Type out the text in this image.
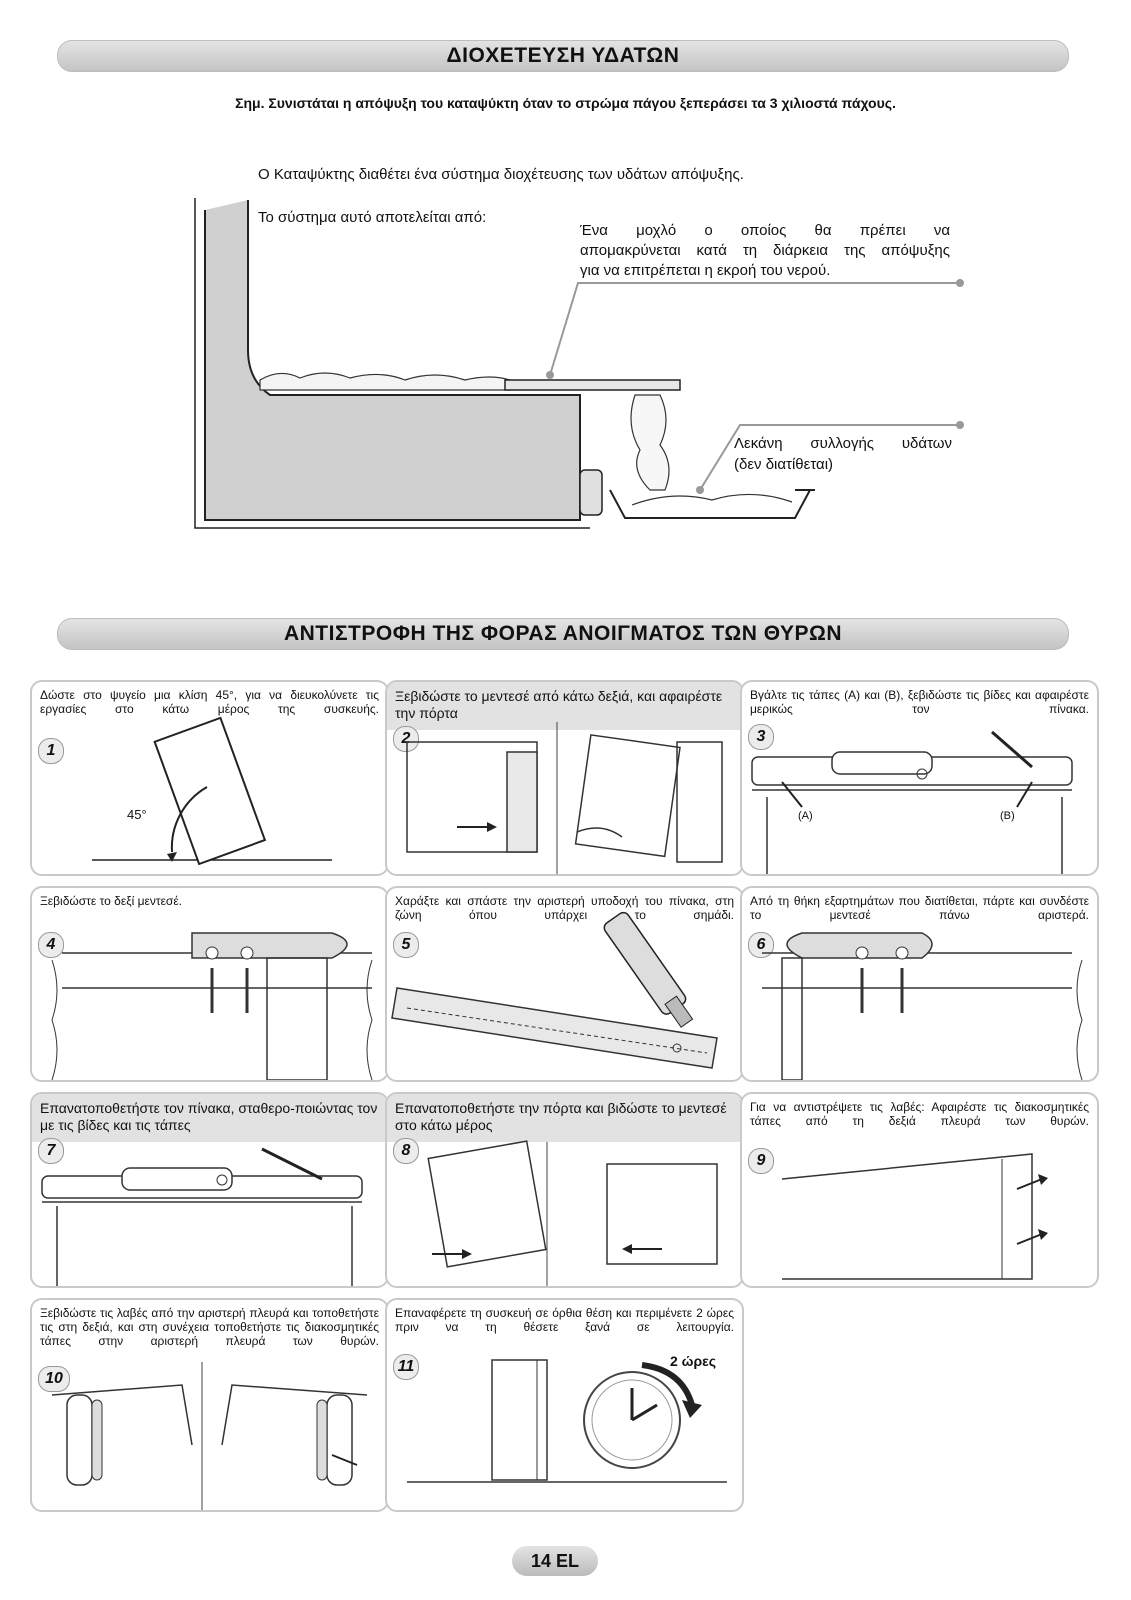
ΔΙΟΧΕΤΕΥΣΗ ΥΔΑΤΩΝ
Σημ. Συνιστάται η απόψυξη του καταψύκτη όταν το στρώμα πάγου ξεπεράσει τα 3 χιλιοστά πάχους.
Ο Καταψύκτης διαθέτει ένα σύστημα διοχέτευσης των υδάτων απόψυξης.
Το σύστημα αυτό αποτελείται από:
Ένα μοχλό ο οποίος θα πρέπει να
απομακρύνεται κατά τη διάρκεια της απόψυξης
για να επιτρέπεται η εκροή του νερού.
Λεκάνη συλλογής υδάτων
(δεν διατίθεται)
ΑΝΤΙΣΤΡΟΦΗ ΤΗΣ ΦΟΡΑΣ ΑΝΟΙΓΜΑΤΟΣ ΤΩΝ ΘΥΡΩΝ
Δώστε στο ψυγείο μια κλίση 45°, για να διευκολύνετε τις εργασίες στο κάτω μέρος της συσκευής.
1
45°
Ξεβιδώστε το μεντεσέ από κάτω δεξιά, και αφαιρέστε την πόρτα
2
Βγάλτε τις τάπες (A) και (B), ξεβιδώστε τις βίδες και αφαιρέστε μερικώς τον πίνακα.
3
(A)	(B)
Ξεβιδώστε το δεξί μεντεσέ.
4
Χαράξτε και σπάστε την αριστερή υποδοχή του πίνακα, στη ζώνη όπου υπάρχει το σημάδι.
5
Από τη θήκη εξαρτημάτων που διατίθεται, πάρτε και συνδέστε το μεντεσέ πάνω αριστερά.
6
Επανατοποθετήστε τον πίνακα, σταθερο-ποιώντας τον με τις βίδες και τις τάπες
7
Επανατοποθετήστε την πόρτα και βιδώστε το μεντεσέ στο κάτω μέρος
8
Για να αντιστρέψετε τις λαβές: Αφαιρέστε τις διακοσμητικές τάπες από τη δεξιά πλευρά των θυρών.
9
Ξεβιδώστε τις λαβές από την αριστερή πλευρά και τοποθετήστε τις στη δεξιά, και στη συνέχεια τοποθετήστε τις διακοσμητικές τάπες στην αριστερή πλευρά των θυρών.
10
Επαναφέρετε τη συσκευή σε όρθια θέση και περιμένετε 2 ώρες πριν να τη θέσετε ξανά σε λειτουργία.
11	2 ώρες
14 EL
